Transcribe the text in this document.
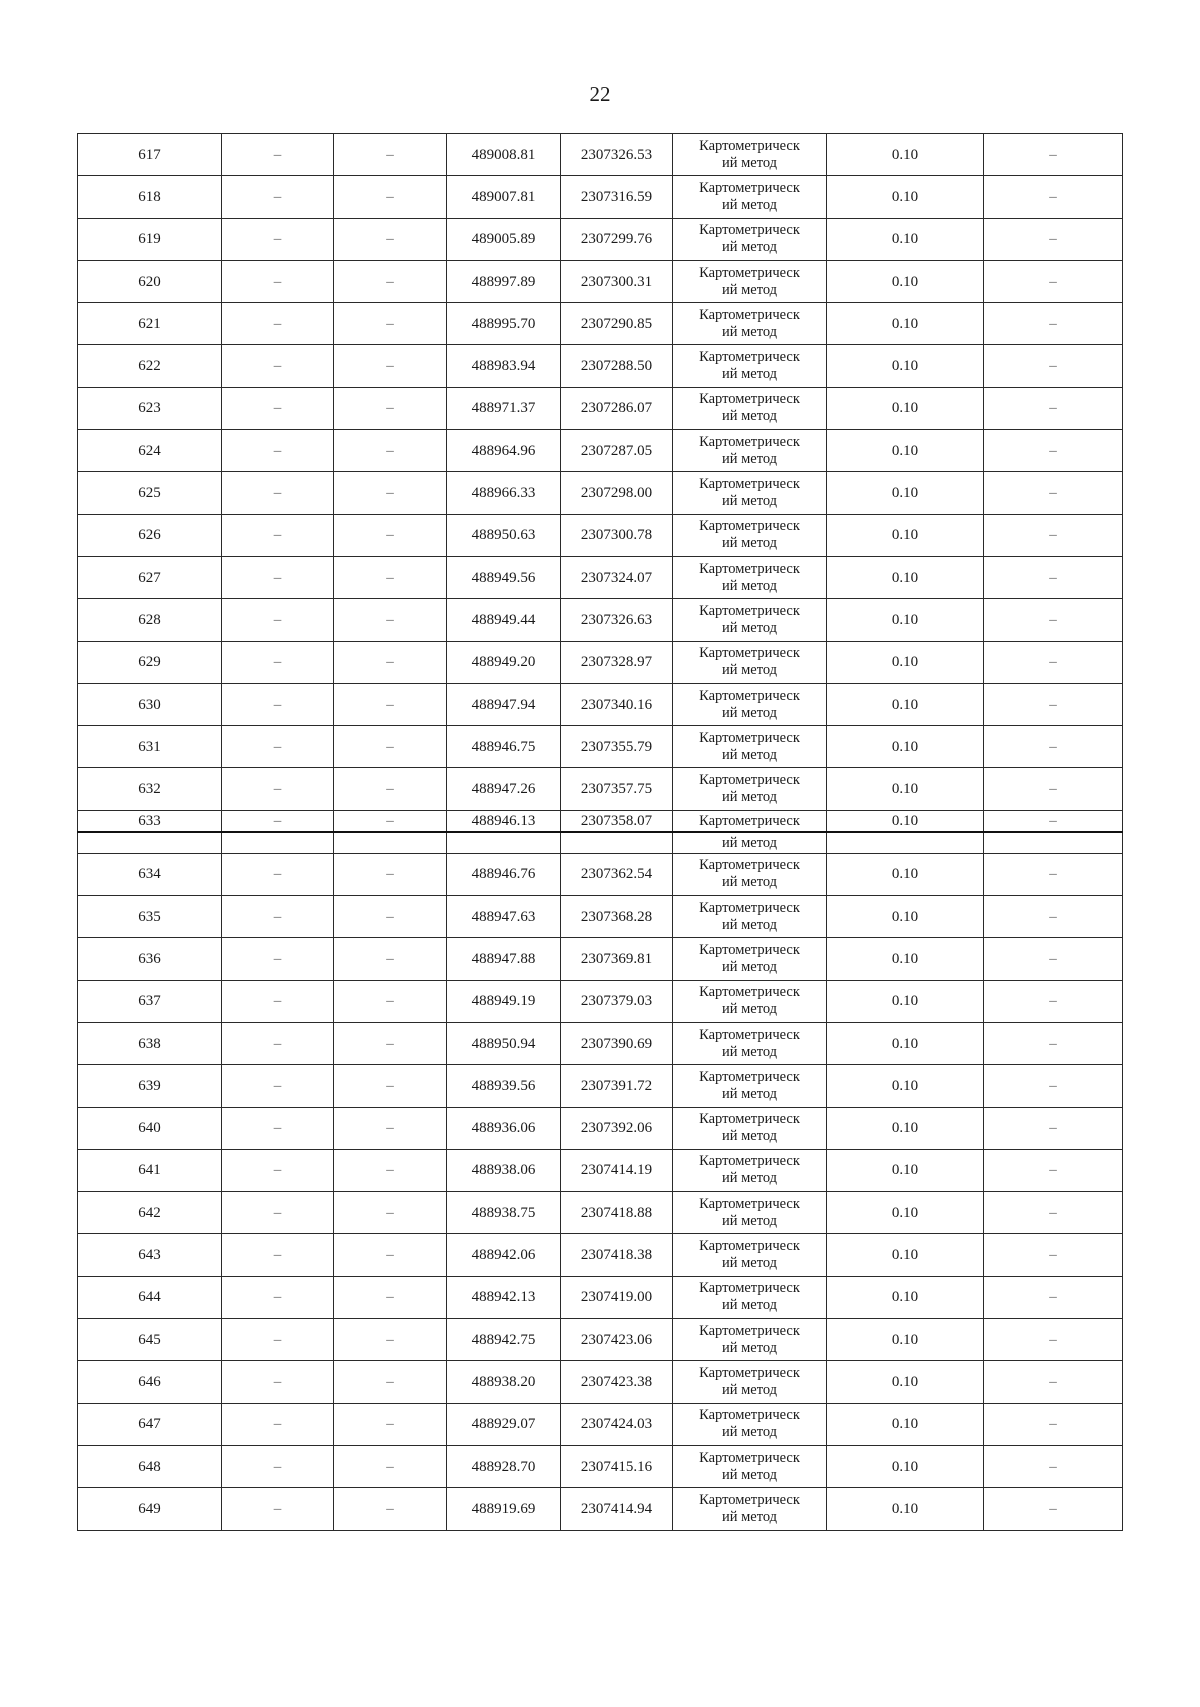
22
617	–	–	489008.81	2307326.53	Картометрическ
ий метод	0.10	–
618	–	–	489007.81	2307316.59	Картометрическ
ий метод	0.10	–
619	–	–	489005.89	2307299.76	Картометрическ
ий метод	0.10	–
620	–	–	488997.89	2307300.31	Картометрическ
ий метод	0.10	–
621	–	–	488995.70	2307290.85	Картометрическ
ий метод	0.10	–
622	–	–	488983.94	2307288.50	Картометрическ
ий метод	0.10	–
623	–	–	488971.37	2307286.07	Картометрическ
ий метод	0.10	–
624	–	–	488964.96	2307287.05	Картометрическ
ий метод	0.10	–
625	–	–	488966.33	2307298.00	Картометрическ
ий метод	0.10	–
626	–	–	488950.63	2307300.78	Картометрическ
ий метод	0.10	–
627	–	–	488949.56	2307324.07	Картометрическ
ий метод	0.10	–
628	–	–	488949.44	2307326.63	Картометрическ
ий метод	0.10	–
629	–	–	488949.20	2307328.97	Картометрическ
ий метод	0.10	–
630	–	–	488947.94	2307340.16	Картометрическ
ий метод	0.10	–
631	–	–	488946.75	2307355.79	Картометрическ
ий метод	0.10	–
632	–	–	488947.26	2307357.75	Картометрическ
ий метод	0.10	–
633	–	–	488946.13	2307358.07	Картометрическ	0.10	–
					ий метод		
634	–	–	488946.76	2307362.54	Картометрическ
ий метод	0.10	–
635	–	–	488947.63	2307368.28	Картометрическ
ий метод	0.10	–
636	–	–	488947.88	2307369.81	Картометрическ
ий метод	0.10	–
637	–	–	488949.19	2307379.03	Картометрическ
ий метод	0.10	–
638	–	–	488950.94	2307390.69	Картометрическ
ий метод	0.10	–
639	–	–	488939.56	2307391.72	Картометрическ
ий метод	0.10	–
640	–	–	488936.06	2307392.06	Картометрическ
ий метод	0.10	–
641	–	–	488938.06	2307414.19	Картометрическ
ий метод	0.10	–
642	–	–	488938.75	2307418.88	Картометрическ
ий метод	0.10	–
643	–	–	488942.06	2307418.38	Картометрическ
ий метод	0.10	–
644	–	–	488942.13	2307419.00	Картометрическ
ий метод	0.10	–
645	–	–	488942.75	2307423.06	Картометрическ
ий метод	0.10	–
646	–	–	488938.20	2307423.38	Картометрическ
ий метод	0.10	–
647	–	–	488929.07	2307424.03	Картометрическ
ий метод	0.10	–
648	–	–	488928.70	2307415.16	Картометрическ
ий метод	0.10	–
649	–	–	488919.69	2307414.94	Картометрическ
ий метод	0.10	–
